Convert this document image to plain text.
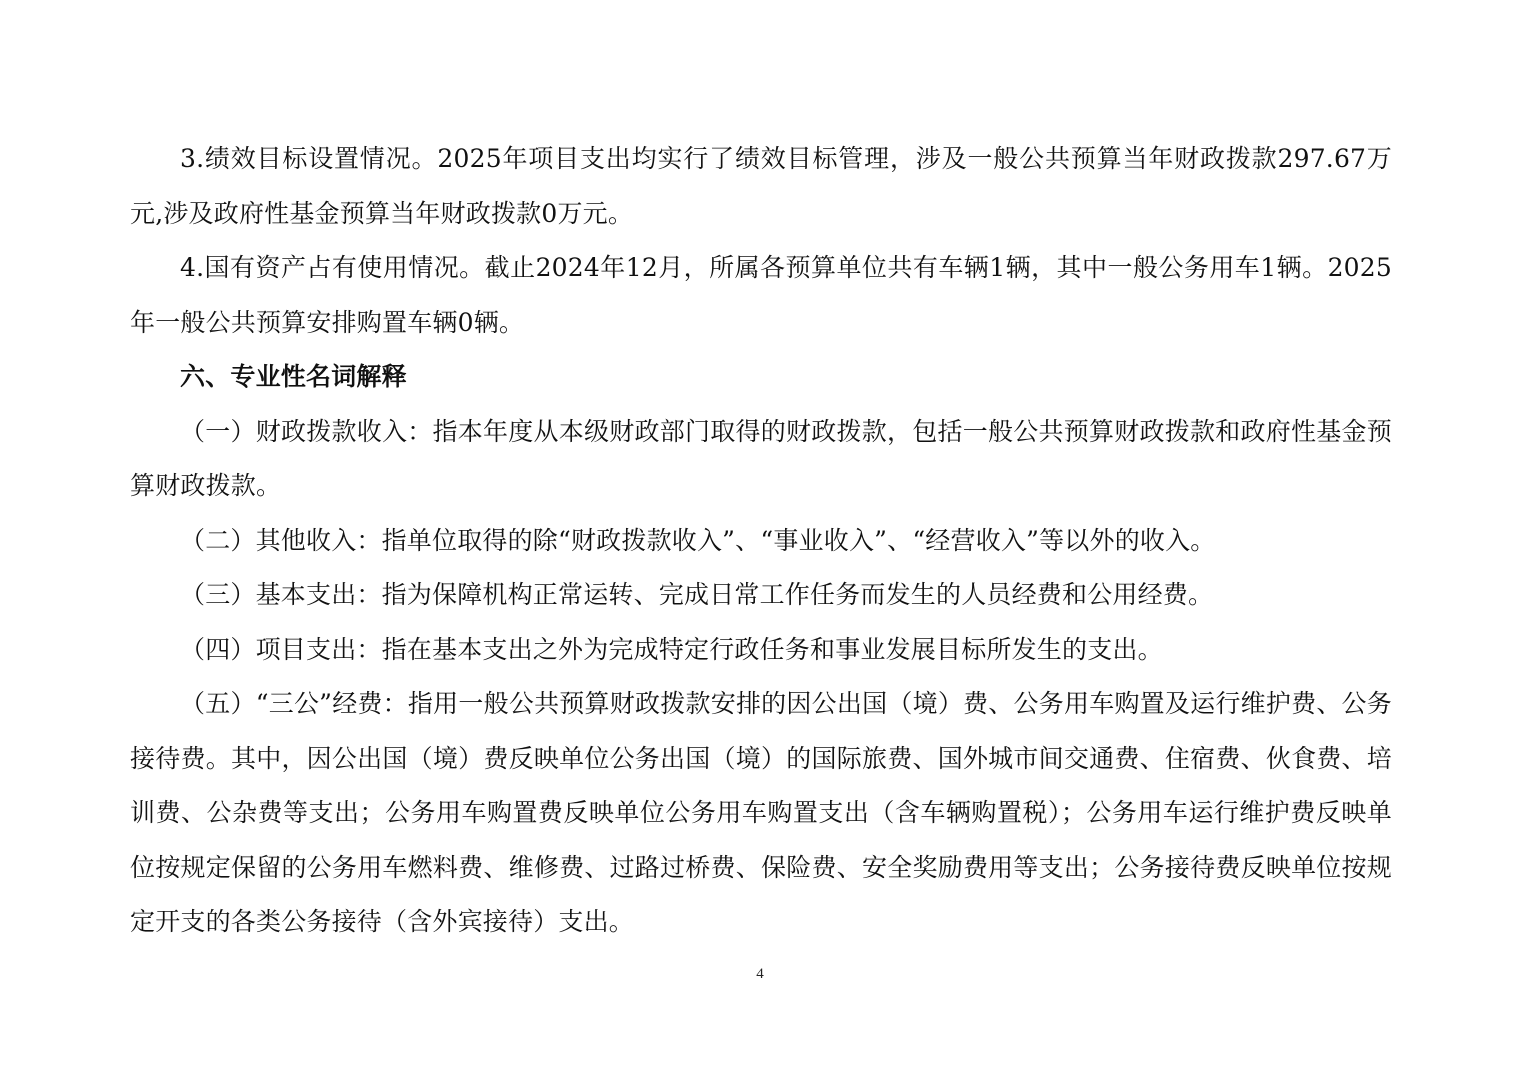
3.绩效目标设置情况。2025年项目支出均实行了绩效目标管理，涉及一般公共预算当年财政拨款297.67万元,涉及政府性基金预算当年财政拨款0万元。

4.国有资产占有使用情况。截止2024年12月，所属各预算单位共有车辆1辆，其中一般公务用车1辆。2025年一般公共预算安排购置车辆0辆。

六、专业性名词解释

（一）财政拨款收入：指本年度从本级财政部门取得的财政拨款，包括一般公共预算财政拨款和政府性基金预算财政拨款。

（二）其他收入：指单位取得的除“财政拨款收入”、“事业收入”、“经营收入”等以外的收入。

（三）基本支出：指为保障机构正常运转、完成日常工作任务而发生的人员经费和公用经费。

（四）项目支出：指在基本支出之外为完成特定行政任务和事业发展目标所发生的支出。

（五）“三公”经费：指用一般公共预算财政拨款安排的因公出国（境）费、公务用车购置及运行维护费、公务接待费。其中，因公出国（境）费反映单位公务出国（境）的国际旅费、国外城市间交通费、住宿费、伙食费、培训费、公杂费等支出；公务用车购置费反映单位公务用车购置支出（含车辆购置税）；公务用车运行维护费反映单位按规定保留的公务用车燃料费、维修费、过路过桥费、保险费、安全奖励费用等支出；公务接待费反映单位按规定开支的各类公务接待（含外宾接待）支出。

4
